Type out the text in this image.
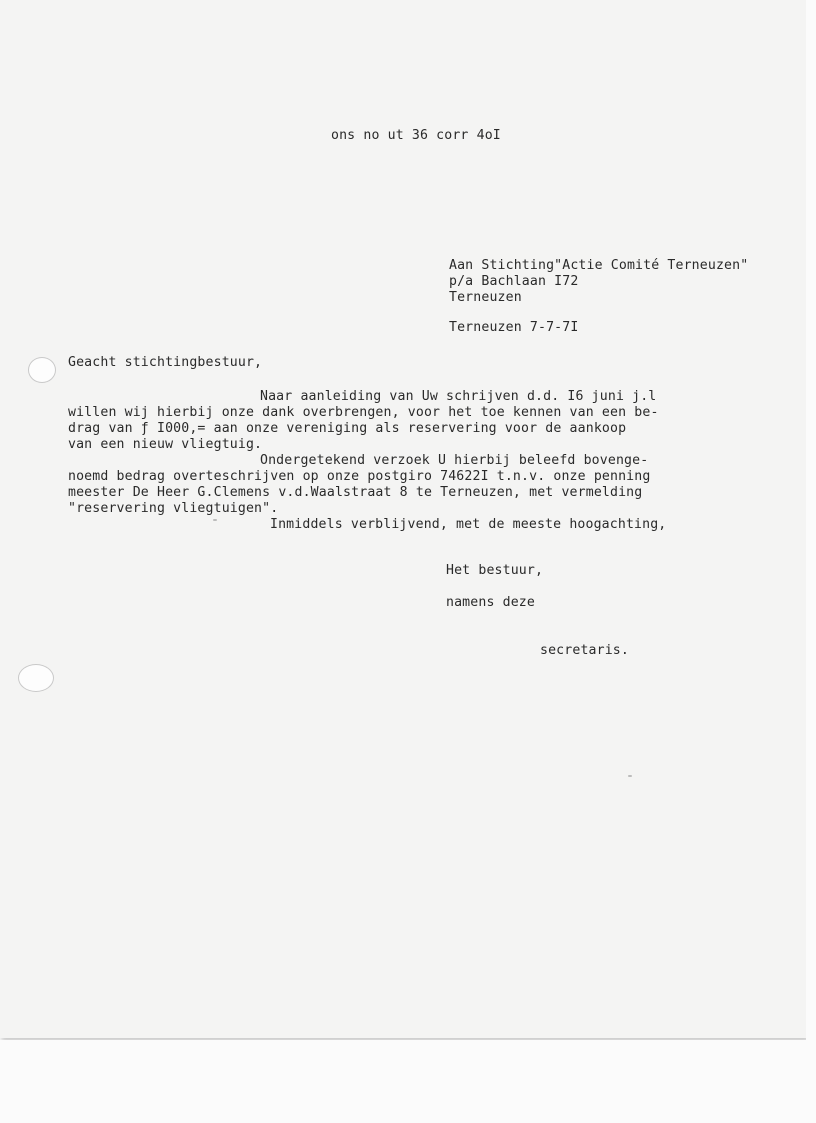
ons no ut 36 corr 4oI
Aan Stichting"Actie Comité Terneuzen"
p/a Bachlaan I72
Terneuzen
Terneuzen 7-7-7I
Geacht stichtingbestuur,
Naar aanleiding van Uw schrijven d.d. I6 juni j.l
willen wij hierbij onze dank overbrengen, voor het toe kennen van een be-
drag van ƒ I000,= aan onze vereniging als reservering voor de aankoop
van een nieuw vliegtuig.
Ondergetekend verzoek U hierbij beleefd bovenge-
noemd bedrag overteschrijven op onze postgiro 74622I t.n.v. onze penning
meester De Heer G.Clemens v.d.Waalstraat 8 te Terneuzen, met vermelding
"reservering vliegtuigen".
Inmiddels verblijvend, met de meeste hoogachting,
Het bestuur,
namens deze
secretaris.
